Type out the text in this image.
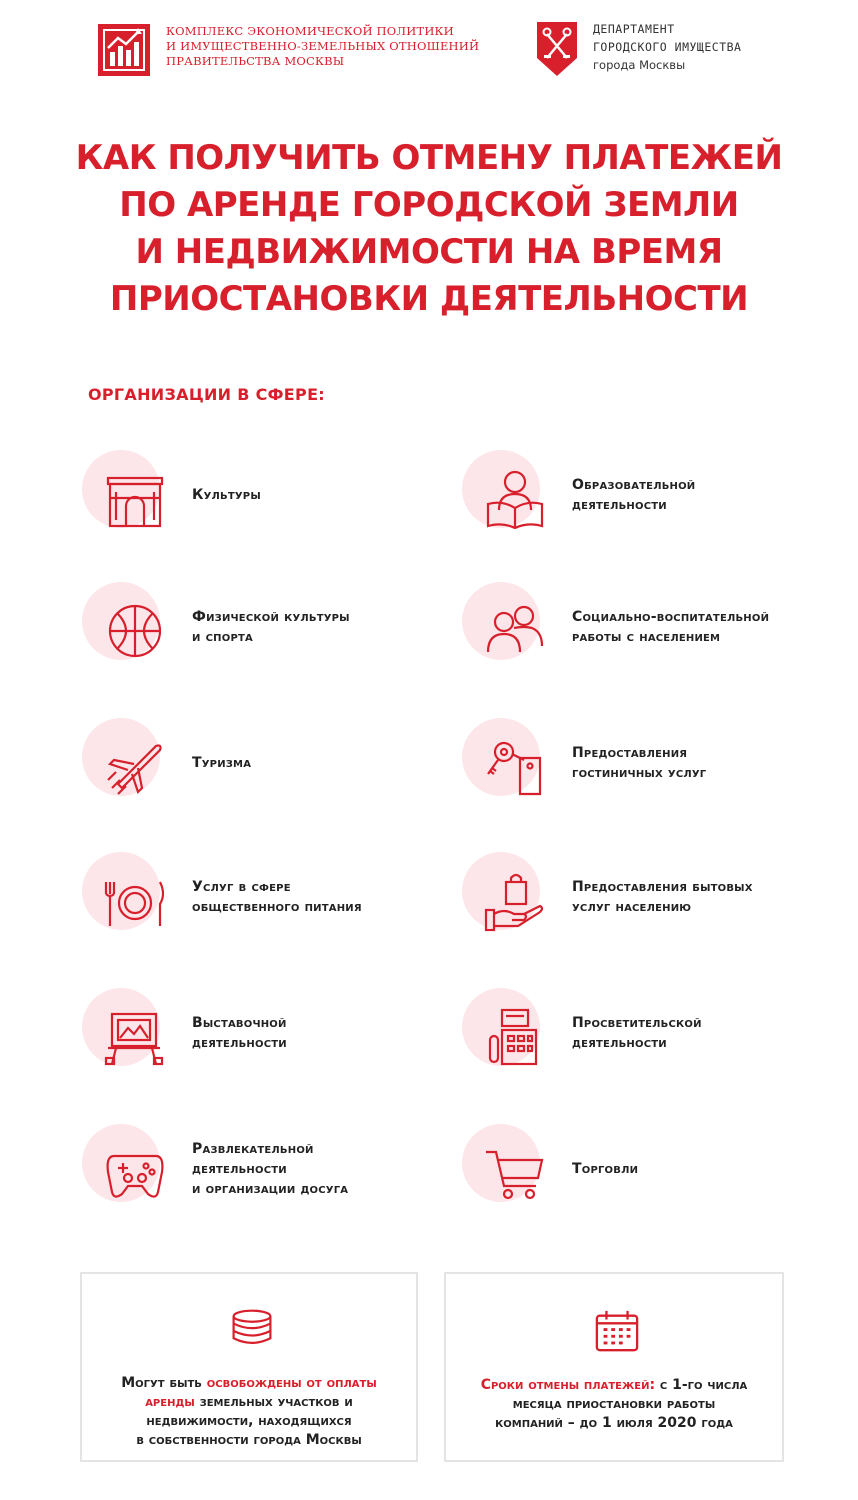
КОМПЛЕКС ЭКОНОМИЧЕСКОЙ ПОЛИТИКИ
И ИМУЩЕСТВЕННО-ЗЕМЕЛЬНЫХ ОТНОШЕНИЙ
ПРАВИТЕЛЬСТВА МОСКВЫ
ДЕПАРТАМЕНТ
ГОРОДСКОГО ИМУЩЕСТВА
города Москвы
КАК ПОЛУЧИТЬ ОТМЕНУ ПЛАТЕЖЕЙ
ПО АРЕНДЕ ГОРОДСКОЙ ЗЕМЛИ
И НЕДВИЖИМОСТИ НА ВРЕМЯ
ПРИОСТАНОВКИ ДЕЯТЕЛЬНОСТИ
ОРГАНИЗАЦИИ В СФЕРЕ:
Культуры
Физической культуры
и спорта
Туризма
Услуг в сфере
общественного питания
Выставочной
деятельности
Развлекательной
деятельности
и организации досуга
Образовательной
деятельности
Социально-воспитательной
работы с населением
Предоставления
гостиничных услуг
Предоставления бытовых
услуг населению
Просветительской
деятельности
Торговли
Могут быть освобождены от оплаты
аренды земельных участков и
недвижимости, находящихся
в собственности города Москвы
Сроки отмены платежей: с 1-го числа
месяца приостановки работы
компаний – до 1 июля 2020 года
